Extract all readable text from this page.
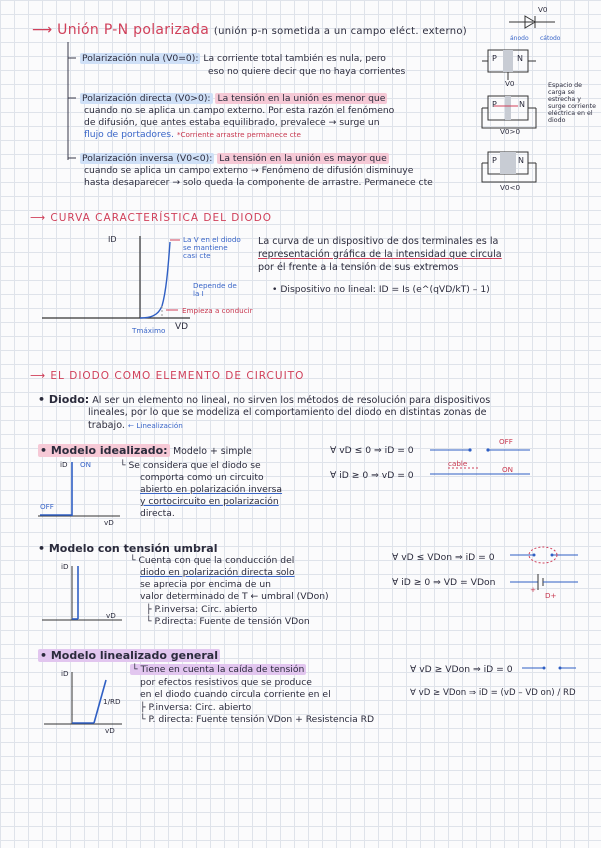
⟶ Unión P-N polarizada (unión p-n sometida a un campo eléct. externo)
Polarización nula (V0=0): La corriente total también es nula, pero
eso no quiere decir que no haya corrientes
Polarización directa (V0>0): La tensión en la unión es menor que
cuando no se aplica un campo externo. Por esta razón el fenómeno
de difusión, que antes estaba equilibrado, prevalece → surge un
flujo de portadores. *Corriente arrastre permanece cte
Polarización inversa (V0<0): La tensión en la unión es mayor que
cuando se aplica un campo externo → Fenómeno de difusión disminuye
hasta desaparecer → solo queda la componente de arrastre. Permanece cte
V0
ánodo cátodo
P	N
V0
P	N
V0>0
Espacio de carga se estrecha y surge corriente eléctrica en el diodo
P	N
V0<0
⟶ CURVA CARACTERÍSTICA DEL DIODO
ID
VD
Tmáximo
La V en el diodo se mantiene casi cte
Depende de la I
Empieza a conducir
La curva de un dispositivo de dos terminales es la
representación gráfica de la intensidad que circula
por él frente a la tensión de sus extremos
• Dispositivo no lineal: ID = Is (e^(qVD/kT) – 1)
⟶ EL DIODO COMO ELEMENTO DE CIRCUITO
• Diodo: Al ser un elemento no lineal, no sirven los métodos de resolución para dispositivos
lineales, por lo que se modeliza el comportamiento del diodo en distintas zonas de
trabajo. ← Linealización
• Modelo idealizado: Modelo + simple
iD ON
OFF
vD
└ Se considera que el diodo se
comporta como un circuito
abierto en polarización inversa
y cortocircuito en polarización
directa.
∀ vD ≤ 0 ⇒ iD = 0
∀ iD ≥ 0 ⇒ vD = 0
OFF
cable
ON
• Modelo con tensión umbral
iD
vD
└ Cuenta con que la conducción del
diodo en polarización directa solo
se aprecia por encima de un
valor determinado de T ← umbral (VDon)
├ P.inversa: Circ. abierto
└ P.directa: Fuente de tensión VDon
∀ vD ≤ VDon ⇒ iD = 0
∀ iD ≥ 0 ⇒ VD = VDon
+
D+
• Modelo linealizado general
iD
1/RD
vD
└ Tiene en cuenta la caída de tensión
por efectos resistivos que se produce
en el diodo cuando circula corriente en el
├ P.inversa: Circ. abierto
└ P. directa: Fuente tensión VDon + Resistencia RD
∀ vD ≥ VDon ⇒ iD = 0
∀ vD ≥ VDon ⇒ iD = (vD – VD on) / RD
